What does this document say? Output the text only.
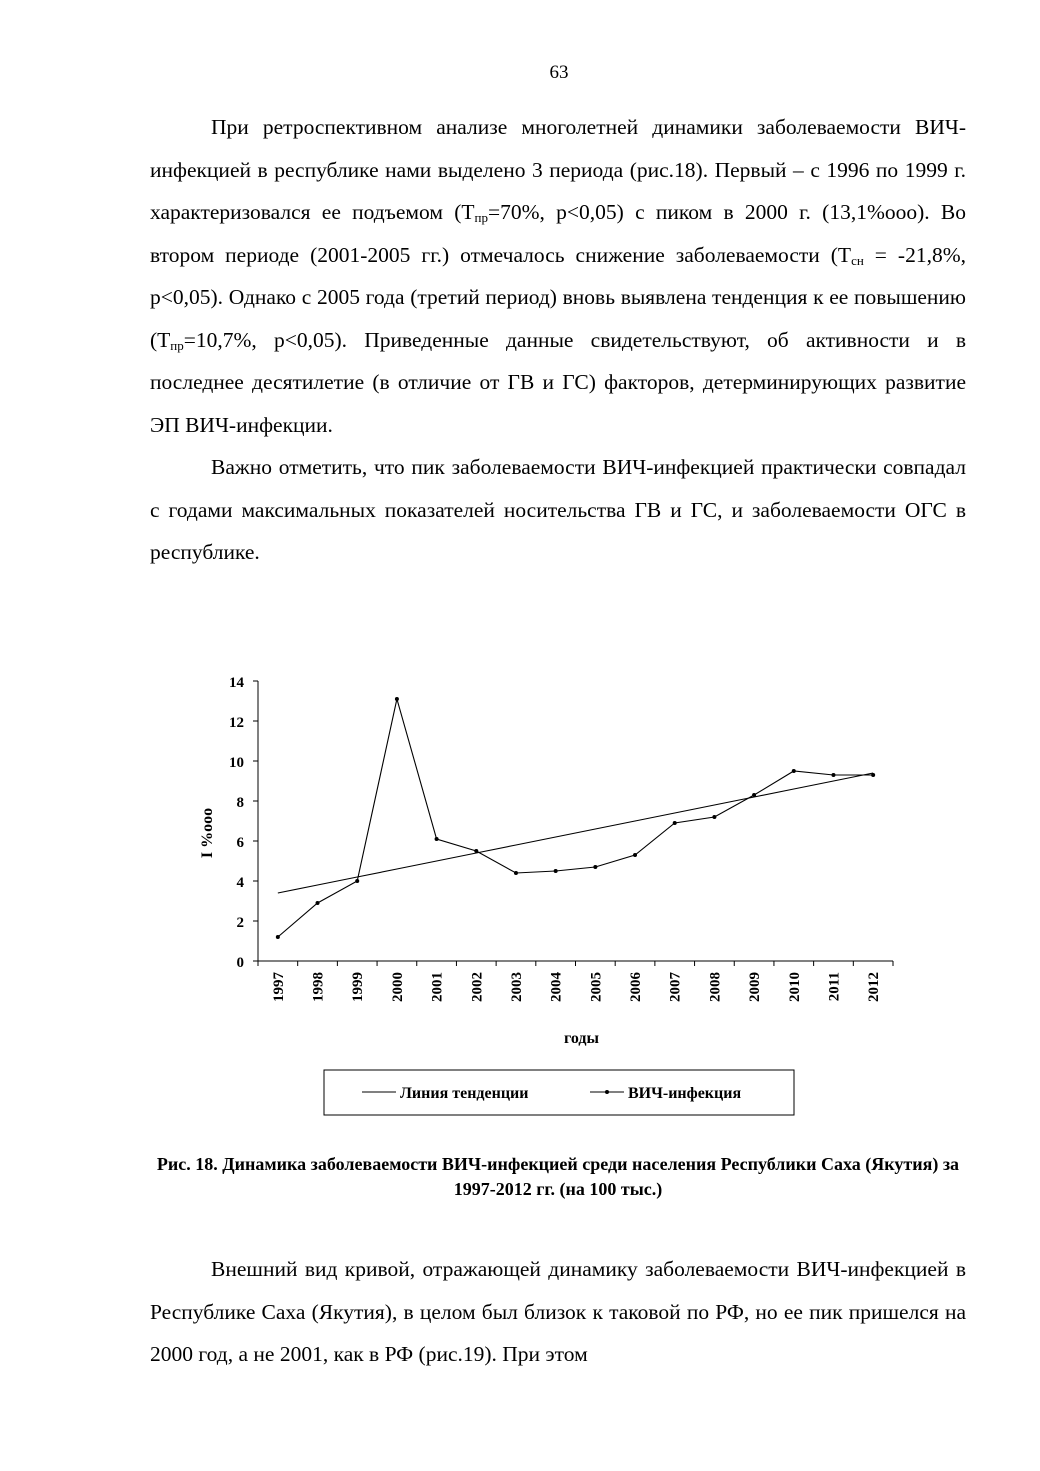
63

При ретроспективном анализе многолетней динамики заболеваемости ВИЧ-инфекцией в республике нами выделено 3 периода (рис.18). Первый – с 1996 по 1999 г. характеризовался ее подъемом ($Т_{пр}=70\%$, р<0,05) с пиком в 2000 г. (13,1%ооо). Во втором периоде (2001-2005 гг.) отмечалось снижение заболеваемости ($Т_{сн} = -21,8\%$, р<0,05). Однако с 2005 года (третий период) вновь выявлена тенденция к ее повышению ($Т_{пр}=10,7\%$, р<0,05). Приведенные данные свидетельствуют, об активности и в последнее десятилетие (в отличие от ГВ и ГС) факторов, детерминирующих развитие ЭП ВИЧ-инфекции.

Важно отметить, что пик заболеваемости ВИЧ-инфекцией практически совпадал с годами максимальных показателей носительства ГВ и ГС, и заболеваемости ОГС в республике.

0
2
4
6
8
10
12
14
1997 1998 1999 2000 2001 2002 2003 2004 2005 2006 2007 2008 2009 2010 2011 2012
I %ooo
годы
Линия тенденции	ВИЧ-инфекция
Рис. 18. Динамика заболеваемости ВИЧ-инфекцией среди населения Республики Саха (Якутия) за 1997-2012 гг. (на 100 тыс.)

Внешний вид кривой, отражающей динамику заболеваемости ВИЧ-инфекцией в Республике Саха (Якутия), в целом был близок к таковой по РФ, но ее пик пришелся на 2000 год, а не 2001, как в РФ (рис.19). При этом
